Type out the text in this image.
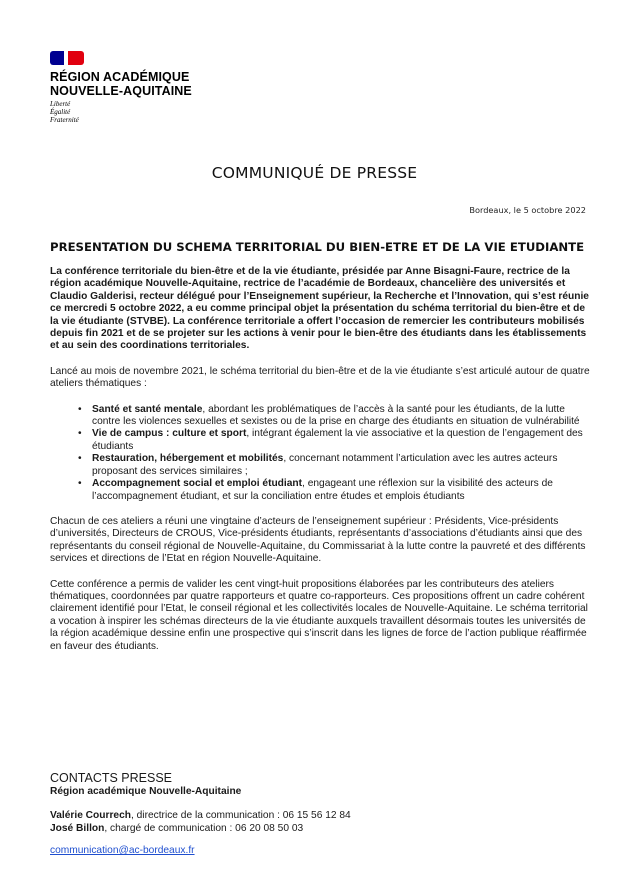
RÉGION ACADÉMIQUE
NOUVELLE-AQUITAINE
Liberté
Égalité
Fraternité
COMMUNIQUÉ DE PRESSE
Bordeaux, le 5 octobre 2022
PRESENTATION DU SCHEMA TERRITORIAL DU BIEN-ETRE ET DE LA VIE ETUDIANTE

La conférence territoriale du bien-être et de la vie étudiante, présidée par Anne Bisagni-Faure, rectrice de la région académique Nouvelle-Aquitaine, rectrice de l’académie de Bordeaux, chancelière des universités et Claudio Galderisi, recteur délégué pour l’Enseignement supérieur, la Recherche et l’Innovation, qui s’est réunie ce mercredi 5 octobre 2022, a eu comme principal objet la présentation du schéma territorial du bien-être et de la vie étudiante (STVBE). La conférence territoriale a offert l’occasion de remercier les contributeurs mobilisés depuis fin 2021 et de se projeter sur les actions à venir pour le bien-être des étudiants dans les établissements et au sein des coordinations territoriales.

Lancé au mois de novembre 2021, le schéma territorial du bien-être et de la vie étudiante s’est articulé autour de quatre ateliers thématiques :

• Santé et santé mentale, abordant les problématiques de l’accès à la santé pour les étudiants, de la lutte contre les violences sexuelles et sexistes ou de la prise en charge des étudiants en situation de vulnérabilité
• Vie de campus : culture et sport, intégrant également la vie associative et la question de l’engagement des étudiants
• Restauration, hébergement et mobilités, concernant notamment l’articulation avec les autres acteurs proposant des services similaires ;
• Accompagnement social et emploi étudiant, engageant une réflexion sur la visibilité des acteurs de l’accompagnement étudiant, et sur la conciliation entre études et emplois étudiants

Chacun de ces ateliers a réuni une vingtaine d’acteurs de l’enseignement supérieur : Présidents, Vice-présidents d’universités, Directeurs de CROUS, Vice-présidents étudiants, représentants d’associations d’étudiants ainsi que des représentants du conseil régional de Nouvelle-Aquitaine, du Commissariat à la lutte contre la pauvreté et des différents services et directions de l’Etat en région Nouvelle-Aquitaine.

Cette conférence a permis de valider les cent vingt-huit propositions élaborées par les contributeurs des ateliers thématiques, coordonnées par quatre rapporteurs et quatre co-rapporteurs. Ces propositions offrent un cadre cohérent clairement identifié pour l’Etat, le conseil régional et les collectivités locales de Nouvelle-Aquitaine. Le schéma territorial a vocation à inspirer les schémas directeurs de la vie étudiante auxquels travaillent désormais toutes les universités de la région académique dessine enfin une prospective qui s’inscrit dans les lignes de force de l’action publique réaffirmée en faveur des étudiants.

CONTACTS PRESSE
Région académique Nouvelle-Aquitaine
Valérie Courrech, directrice de la communication : 06 15 56 12 84
José Billon, chargé de communication : 06 20 08 50 03
communication@ac-bordeaux.fr
